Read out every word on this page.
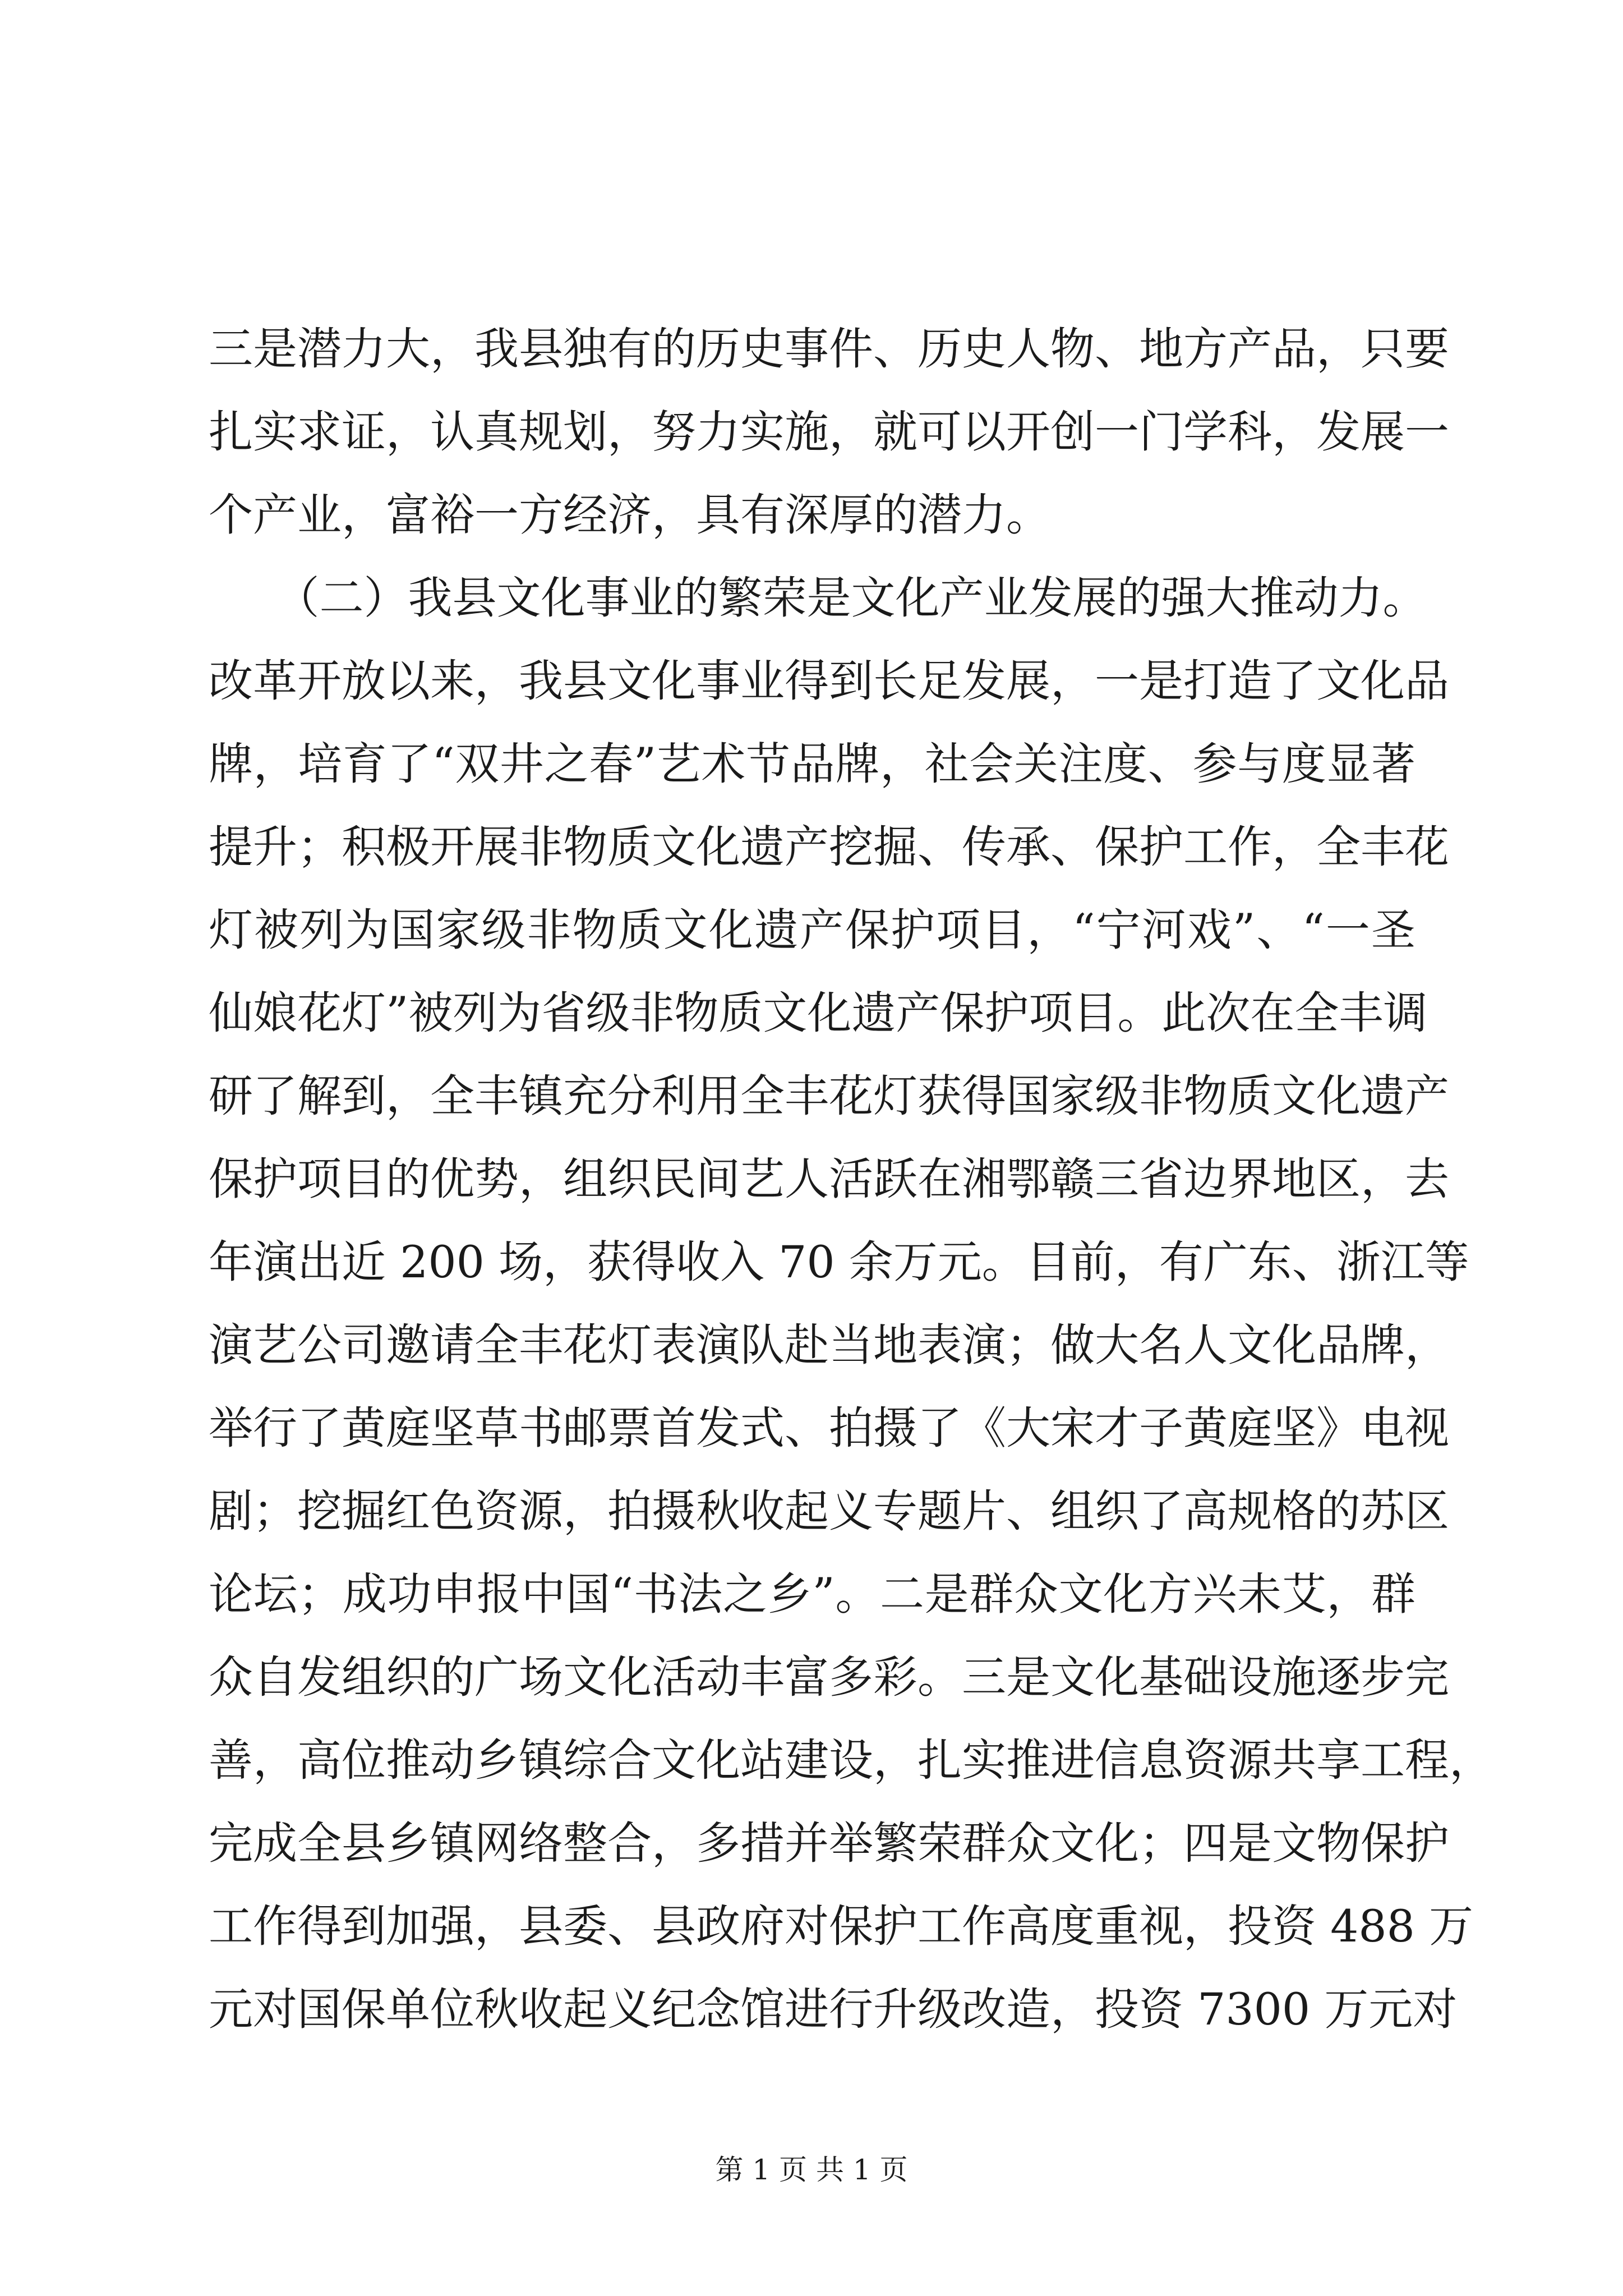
三是潜力大，我县独有的历史事件、历史人物、地方产品，只要
扎实求证，认真规划，努力实施，就可以开创一门学科，发展一
个产业，富裕一方经济，具有深厚的潜力。
　　（二）我县文化事业的繁荣是文化产业发展的强大推动力。
改革开放以来，我县文化事业得到长足发展，一是打造了文化品
牌，培育了“双井之春”艺术节品牌，社会关注度、参与度显著
提升；积极开展非物质文化遗产挖掘、传承、保护工作，全丰花
灯被列为国家级非物质文化遗产保护项目，“宁河戏”、“一圣
仙娘花灯”被列为省级非物质文化遗产保护项目。此次在全丰调
研了解到，全丰镇充分利用全丰花灯获得国家级非物质文化遗产
保护项目的优势，组织民间艺人活跃在湘鄂赣三省边界地区，去
年演出近 200 场，获得收入 70 余万元。目前，有广东、浙江等
演艺公司邀请全丰花灯表演队赴当地表演；做大名人文化品牌，
举行了黄庭坚草书邮票首发式、拍摄了《大宋才子黄庭坚》电视
剧；挖掘红色资源，拍摄秋收起义专题片、组织了高规格的苏区
论坛；成功申报中国“书法之乡”。二是群众文化方兴未艾，群
众自发组织的广场文化活动丰富多彩。三是文化基础设施逐步完
善，高位推动乡镇综合文化站建设，扎实推进信息资源共享工程，
完成全县乡镇网络整合，多措并举繁荣群众文化；四是文物保护
工作得到加强，县委、县政府对保护工作高度重视，投资 488 万
元对国保单位秋收起义纪念馆进行升级改造，投资 7300 万元对
第 1 页 共 1 页
